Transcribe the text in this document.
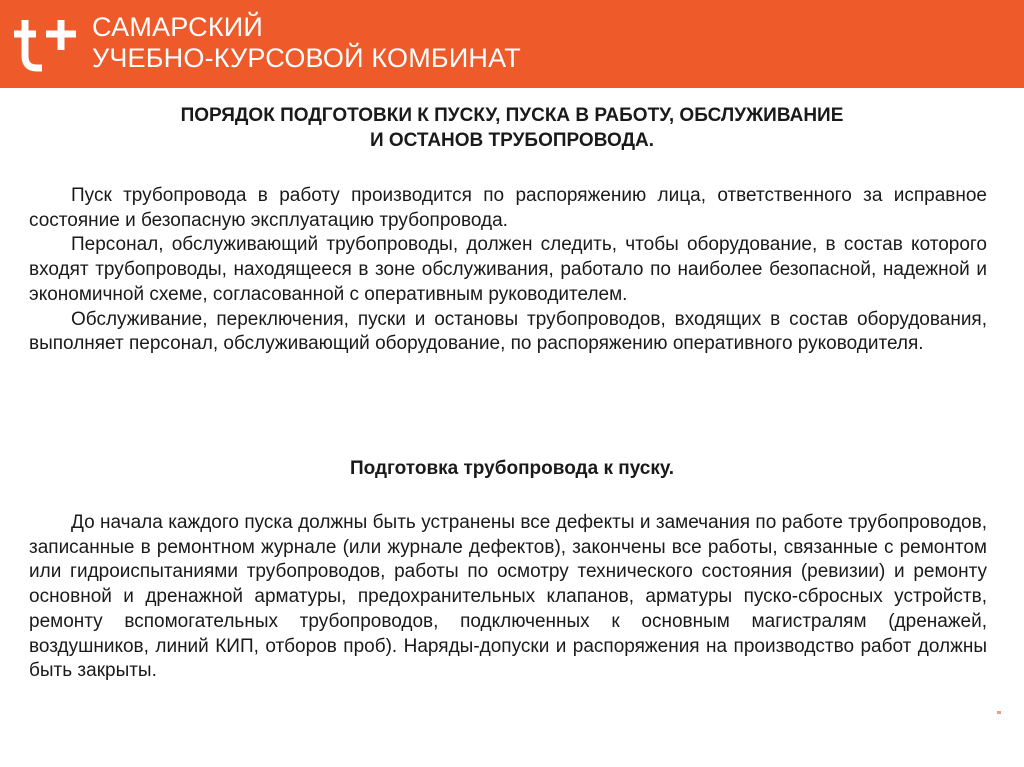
САМАРСКИЙ
УЧЕБНО-КУРСОВОЙ КОМБИНАТ
ПОРЯДОК ПОДГОТОВКИ К ПУСКУ, ПУСКА В РАБОТУ, ОБСЛУЖИВАНИЕ
И ОСТАНОВ ТРУБОПРОВОДА.

Пуск трубопровода в работу производится по распоряжению лица, ответственного за исправное состояние и безопасную эксплуатацию трубопровода.

Персонал, обслуживающий трубопроводы, должен следить, чтобы оборудование, в состав которого входят трубопроводы, находящееся в зоне обслуживания, работало по наиболее безопасной, надежной и экономичной схеме, согласованной с оперативным руководителем.

Обслуживание, переключения, пуски и остановы трубопроводов, входящих в состав оборудования, выполняет персонал, обслуживающий оборудование, по распоряжению оперативного руководителя.

Подготовка трубопровода к пуску.

До начала каждого пуска должны быть устранены все дефекты и замечания по работе трубопроводов, записанные в ремонтном журнале (или журнале дефектов), закончены все работы, связанные с ремонтом или гидроиспытаниями трубопроводов, работы по осмотру технического состояния (ревизии) и ремонту основной и дренажной арматуры, предохранительных клапанов, арматуры пуско-сбросных устройств, ремонту вспомогательных трубопроводов, подключенных к основным магистралям (дренажей, воздушников, линий КИП, отборов проб). Наряды-допуски и распоряжения на производство работ должны быть закрыты.
